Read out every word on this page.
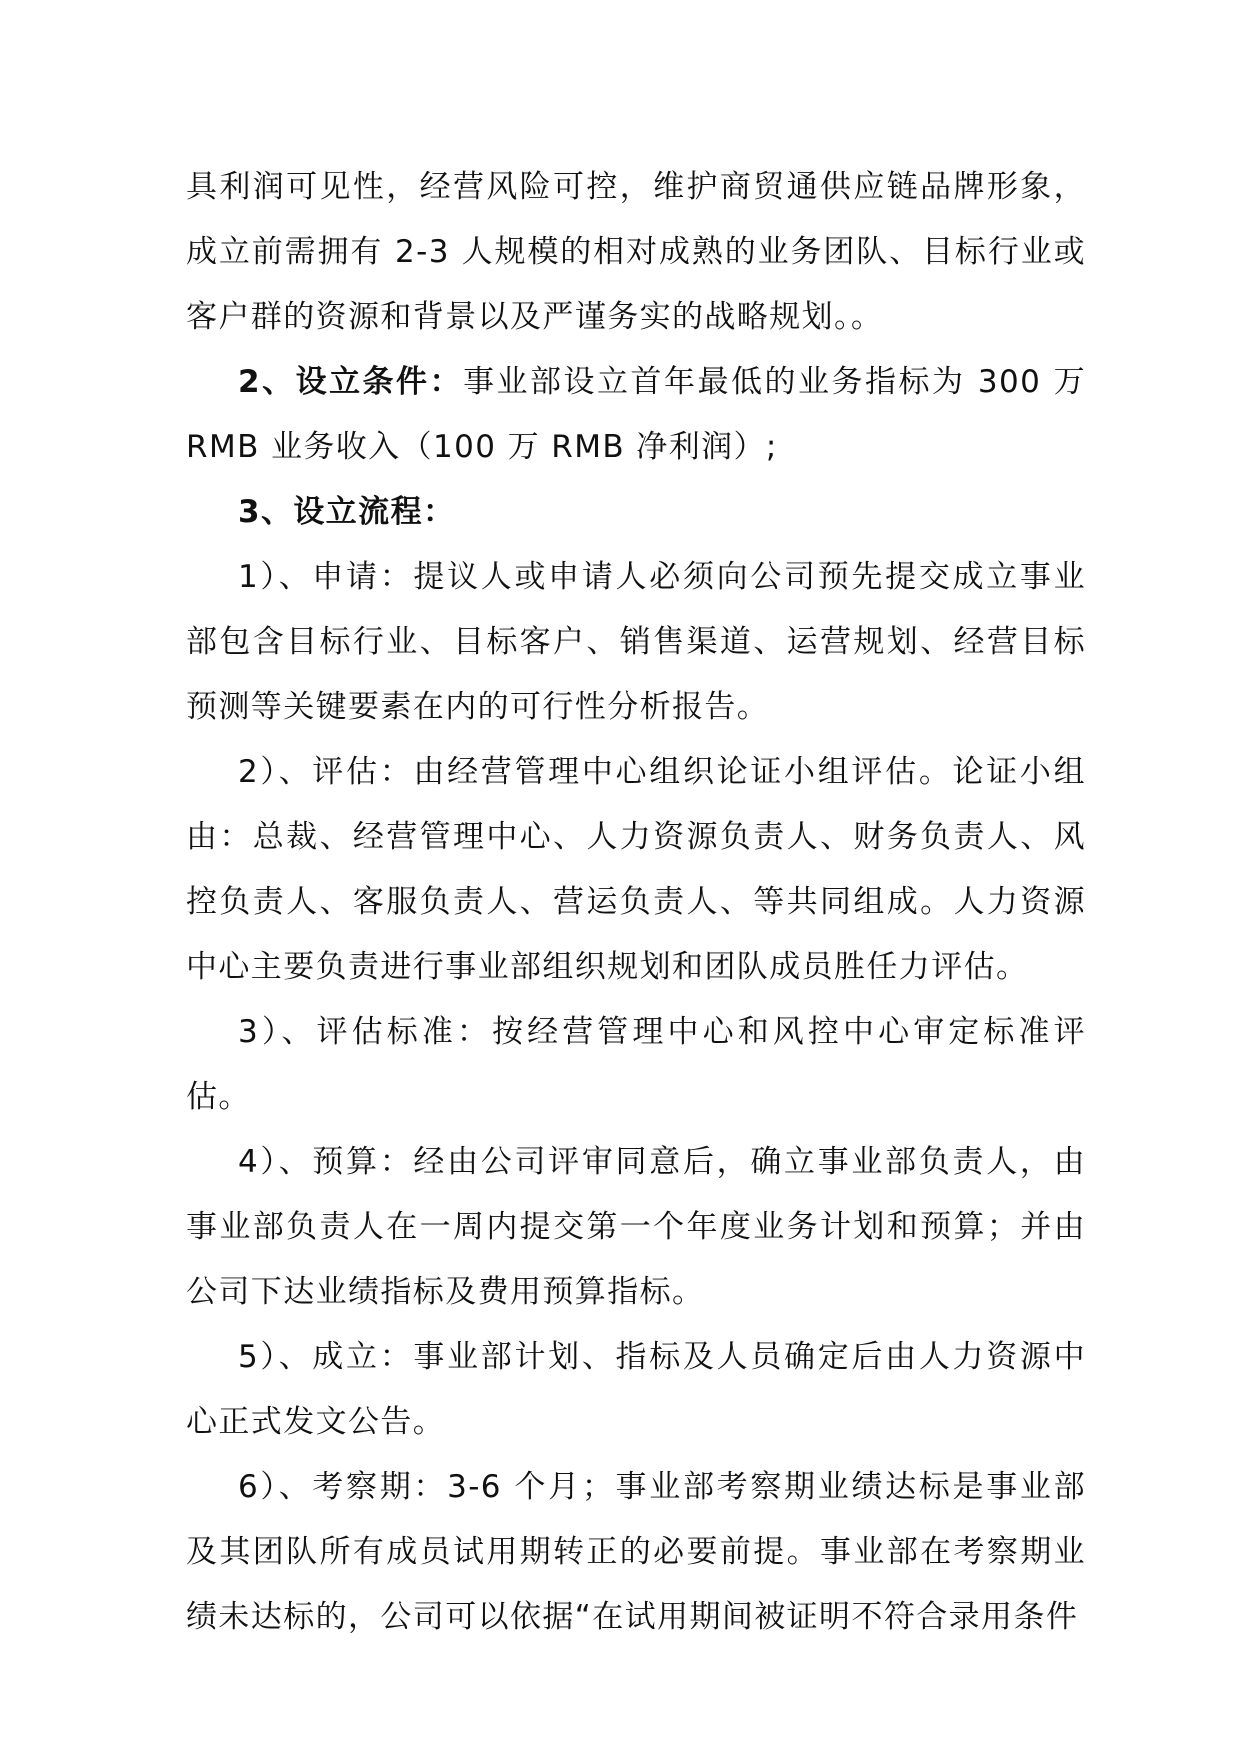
具利润可见性，经营风险可控，维护商贸通供应链品牌形象，成立前需拥有 2-3 人规模的相对成熟的业务团队、目标行业或客户群的资源和背景以及严谨务实的战略规划。。

2、设立条件：事业部设立首年最低的业务指标为 300 万 RMB 业务收入（100 万 RMB 净利润）;

3、设立流程：

1）、申请：提议人或申请人必须向公司预先提交成立事业部包含目标行业、目标客户、销售渠道、运营规划、经营目标预测等关键要素在内的可行性分析报告。

2）、评估：由经营管理中心组织论证小组评估。论证小组由：总裁、经营管理中心、人力资源负责人、财务负责人、风控负责人、客服负责人、营运负责人、等共同组成。人力资源中心主要负责进行事业部组织规划和团队成员胜任力评估。

3）、评估标准：按经营管理中心和风控中心审定标准评估。

4）、预算：经由公司评审同意后，确立事业部负责人，由事业部负责人在一周内提交第一个年度业务计划和预算；并由公司下达业绩指标及费用预算指标。

5）、成立：事业部计划、指标及人员确定后由人力资源中心正式发文公告。

6）、考察期：3-6 个月；事业部考察期业绩达标是事业部及其团队所有成员试用期转正的必要前提。事业部在考察期业绩未达标的，公司可以依据“在试用期间被证明不符合录用条件
